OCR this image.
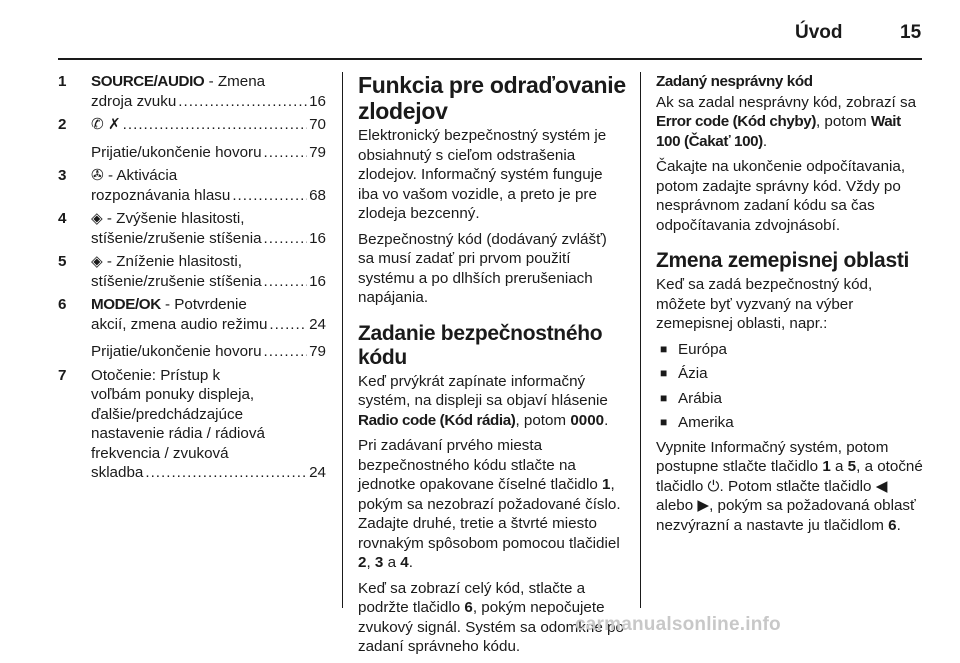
Úvod	15
1 SOURCE/AUDIO - Zmena
zdroja zvuku .....	16
2 ✆ ✗ .....	70
Prijatie/ukončenie hovoru .....	79
3 ✇ - Aktivácia
rozpoznávania hlasu .....	68
4 ◈ - Zvýšenie hlasitosti,
stíšenie/zrušenie stíšenia .....	16
5 ◈ - Zníženie hlasitosti,
stíšenie/zrušenie stíšenia .....	16
6 MODE/OK - Potvrdenie
akcií, zmena audio režimu .....	24
Prijatie/ukončenie hovoru .....	79
7 Otočenie: Prístup k
voľbám ponuky displeja,
ďalšie/predchádzajúce
nastavenie rádia / rádiová
frekvencia / zvuková
skladba .....	24
Funkcia pre odraďovanie zlodejov

Elektronický bezpečnostný systém je obsiahnutý s cieľom odstrašenia zlodejov. Informačný systém funguje iba vo vašom vozidle, a preto je pre zlodeja bezcenný.

Bezpečnostný kód (dodávaný zvlášť) sa musí zadať pri prvom použití systému a po dlhších prerušeniach napájania.

Zadanie bezpečnostného kódu

Keď prvýkrát zapínate informačný systém, na displeji sa objaví hlásenie Radio code (Kód rádia), potom 0000.

Pri zadávaní prvého miesta bezpečnostného kódu stlačte na jednotke opakovane číselné tlačidlo 1, pokým sa nezobrazí požadované číslo. Zadajte druhé, tretie a štvrté miesto rovnakým spôsobom pomocou tlačidiel 2, 3 a 4.

Keď sa zobrazí celý kód, stlačte a podržte tlačidlo 6, pokým nepočujete zvukový signál. Systém sa odomkne po zadaní správneho kódu.

Zadaný nesprávny kód

Ak sa zadal nesprávny kód, zobrazí sa Error code (Kód chyby), potom Wait 100 (Čakať 100).

Čakajte na ukončenie odpočítavania, potom zadajte správny kód. Vždy po nesprávnom zadaní kódu sa čas odpočítavania zdvojnásobí.

Zmena zemepisnej oblasti

Keď sa zadá bezpečnostný kód, môžete byť vyzvaný na výber zemepisnej oblasti, napr.:

■ Európa
■ Ázia
■ Arábia
■ Amerika

Vypnite Informačný systém, potom postupne stlačte tlačidlo 1 a 5, a otočné tlačidlo ⏻. Potom stlačte tlačidlo ◀ alebo ▶, pokým sa požadovaná oblasť nezvýrazní a nastavte ju tlačidlom 6.

carmanualsonline.info
